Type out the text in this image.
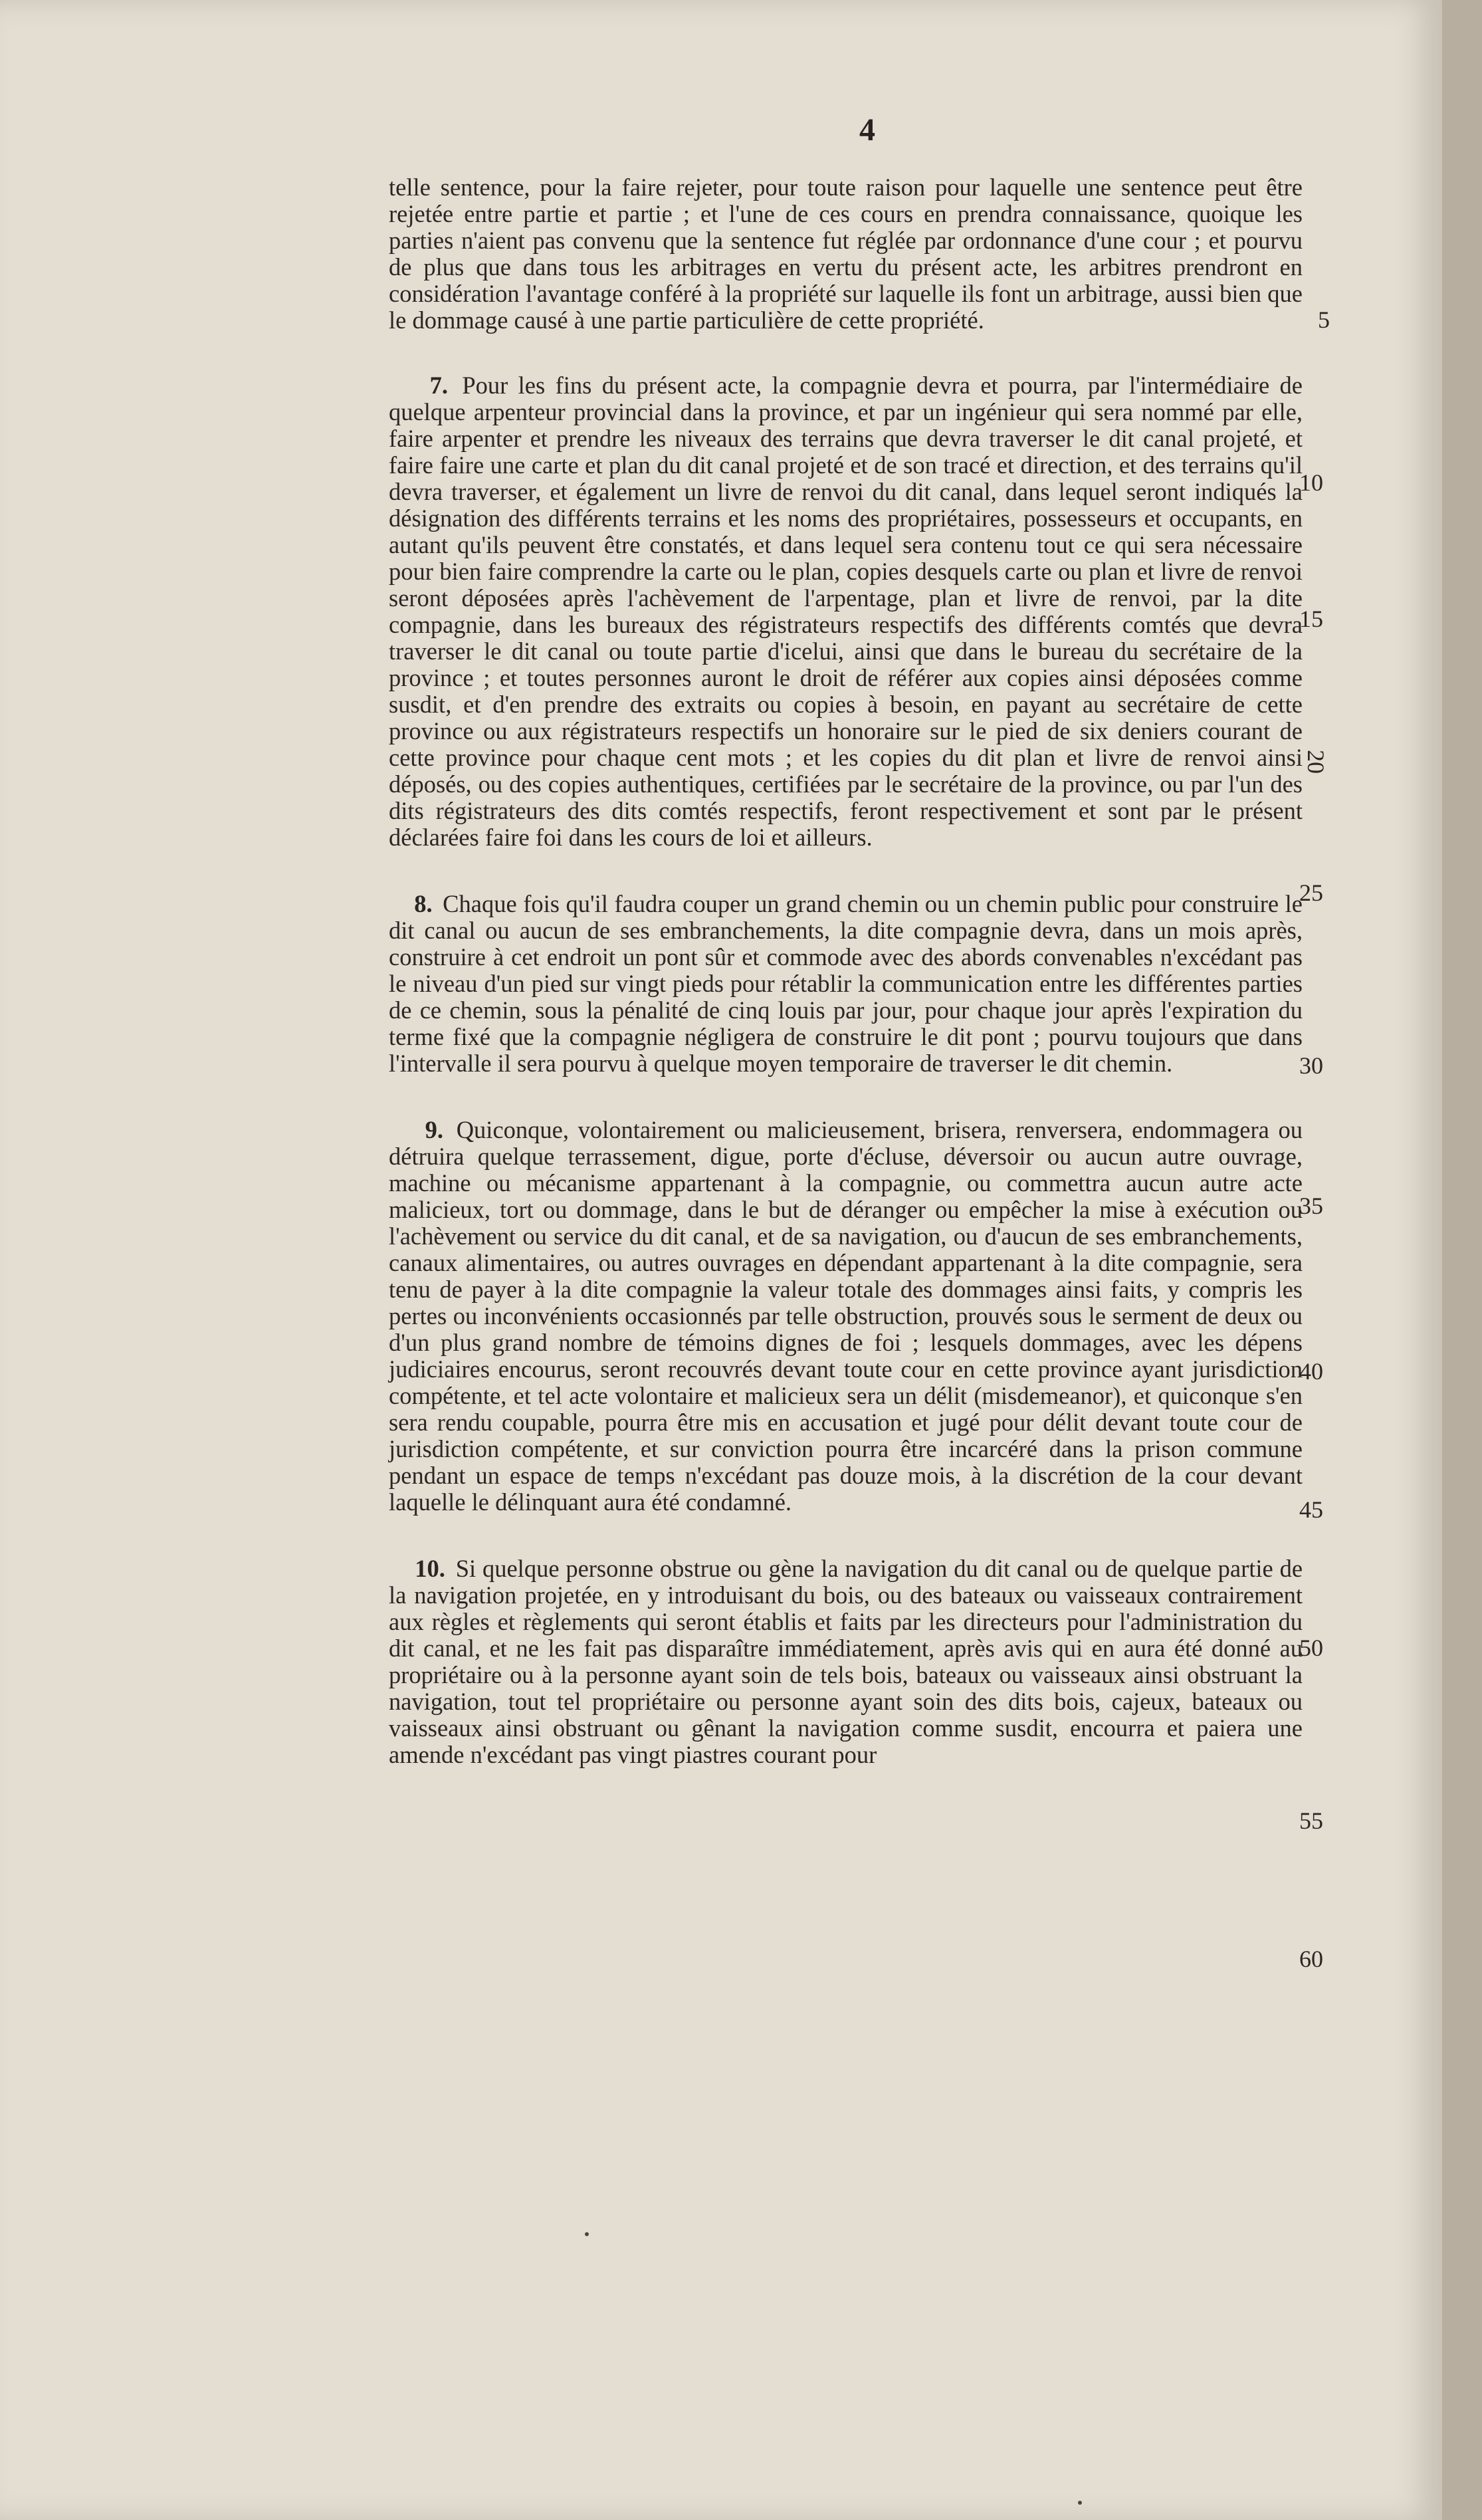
4

telle sentence, pour la faire rejeter, pour toute raison pour laquelle une sentence peut être rejetée entre partie et partie ; et l'une de ces cours en prendra connaissance, quoique les parties n'aient pas convenu que la sentence fut réglée par ordonnance d'une cour ; et pourvu de plus que dans tous les arbitrages en vertu du présent acte, les arbitres prendront en considération l'avantage conféré à la propriété sur laquelle ils font un arbitrage, aussi bien que le dommage causé à une partie particulière de cette propriété.

7. Pour les fins du présent acte, la compagnie devra et pourra, par l'intermédiaire de quelque arpenteur provincial dans la province, et par un ingénieur qui sera nommé par elle, faire arpenter et prendre les niveaux des terrains que devra traverser le dit canal projeté, et faire faire une carte et plan du dit canal projeté et de son tracé et direction, et des terrains qu'il devra traverser, et également un livre de renvoi du dit canal, dans lequel seront indiqués la désignation des différents terrains et les noms des propriétaires, possesseurs et occupants, en autant qu'ils peuvent être constatés, et dans lequel sera contenu tout ce qui sera nécessaire pour bien faire comprendre la carte ou le plan, copies desquels carte ou plan et livre de renvoi seront déposées après l'achèvement de l'arpentage, plan et livre de renvoi, par la dite compagnie, dans les bureaux des régistrateurs respectifs des différents comtés que devra traverser le dit canal ou toute partie d'icelui, ainsi que dans le bureau du secrétaire de la province ; et toutes personnes auront le droit de référer aux copies ainsi déposées comme susdit, et d'en prendre des extraits ou copies à besoin, en payant au secrétaire de cette province ou aux régistrateurs respectifs un honoraire sur le pied de six deniers courant de cette province pour chaque cent mots ; et les copies du dit plan et livre de renvoi ainsi déposés, ou des copies authentiques, certifiées par le secrétaire de la province, ou par l'un des dits régistrateurs des dits comtés respectifs, feront respectivement et sont par le présent déclarées faire foi dans les cours de loi et ailleurs.

8. Chaque fois qu'il faudra couper un grand chemin ou un chemin public pour construire le dit canal ou aucun de ses embranchements, la dite compagnie devra, dans un mois après, construire à cet endroit un pont sûr et commode avec des abords convenables n'excédant pas le niveau d'un pied sur vingt pieds pour rétablir la communication entre les différentes parties de ce chemin, sous la pénalité de cinq louis par jour, pour chaque jour après l'expiration du terme fixé que la compagnie négligera de construire le dit pont ; pourvu toujours que dans l'intervalle il sera pourvu à quelque moyen temporaire de traverser le dit chemin.

9. Quiconque, volontairement ou malicieusement, brisera, renversera, endommagera ou détruira quelque terrassement, digue, porte d'écluse, déversoir ou aucun autre ouvrage, machine ou mécanisme appartenant à la compagnie, ou commettra aucun autre acte malicieux, tort ou dommage, dans le but de déranger ou empêcher la mise à exécution ou l'achèvement ou service du dit canal, et de sa navigation, ou d'aucun de ses embranchements, canaux alimentaires, ou autres ouvrages en dépendant appartenant à la dite compagnie, sera tenu de payer à la dite compagnie la valeur totale des dommages ainsi faits, y compris les pertes ou inconvénients occasionnés par telle obstruction, prouvés sous le serment de deux ou d'un plus grand nombre de témoins dignes de foi ; lesquels dommages, avec les dépens judiciaires encourus, seront recouvrés devant toute cour en cette province ayant jurisdiction compétente, et tel acte volontaire et malicieux sera un délit (misdemeanor), et quiconque s'en sera rendu coupable, pourra être mis en accusation et jugé pour délit devant toute cour de jurisdiction compétente, et sur conviction pourra être incarcéré dans la prison commune pendant un espace de temps n'excédant pas douze mois, à la discrétion de la cour devant laquelle le délinquant aura été condamné.

10. Si quelque personne obstrue ou gène la navigation du dit canal ou de quelque partie de la navigation projetée, en y introduisant du bois, ou des bateaux ou vaisseaux contrairement aux règles et règlements qui seront établis et faits par les directeurs pour l'administration du dit canal, et ne les fait pas disparaître immédiatement, après avis qui en aura été donné au propriétaire ou à la personne ayant soin de tels bois, bateaux ou vaisseaux ainsi obstruant la navigation, tout tel propriétaire ou personne ayant soin des dits bois, cajeux, bateaux ou vaisseaux ainsi obstruant ou gênant la navigation comme susdit, encourra et paiera une amende n'excédant pas vingt piastres courant pour

5
10
15
20
25
30
35
40
45
50
55
60
